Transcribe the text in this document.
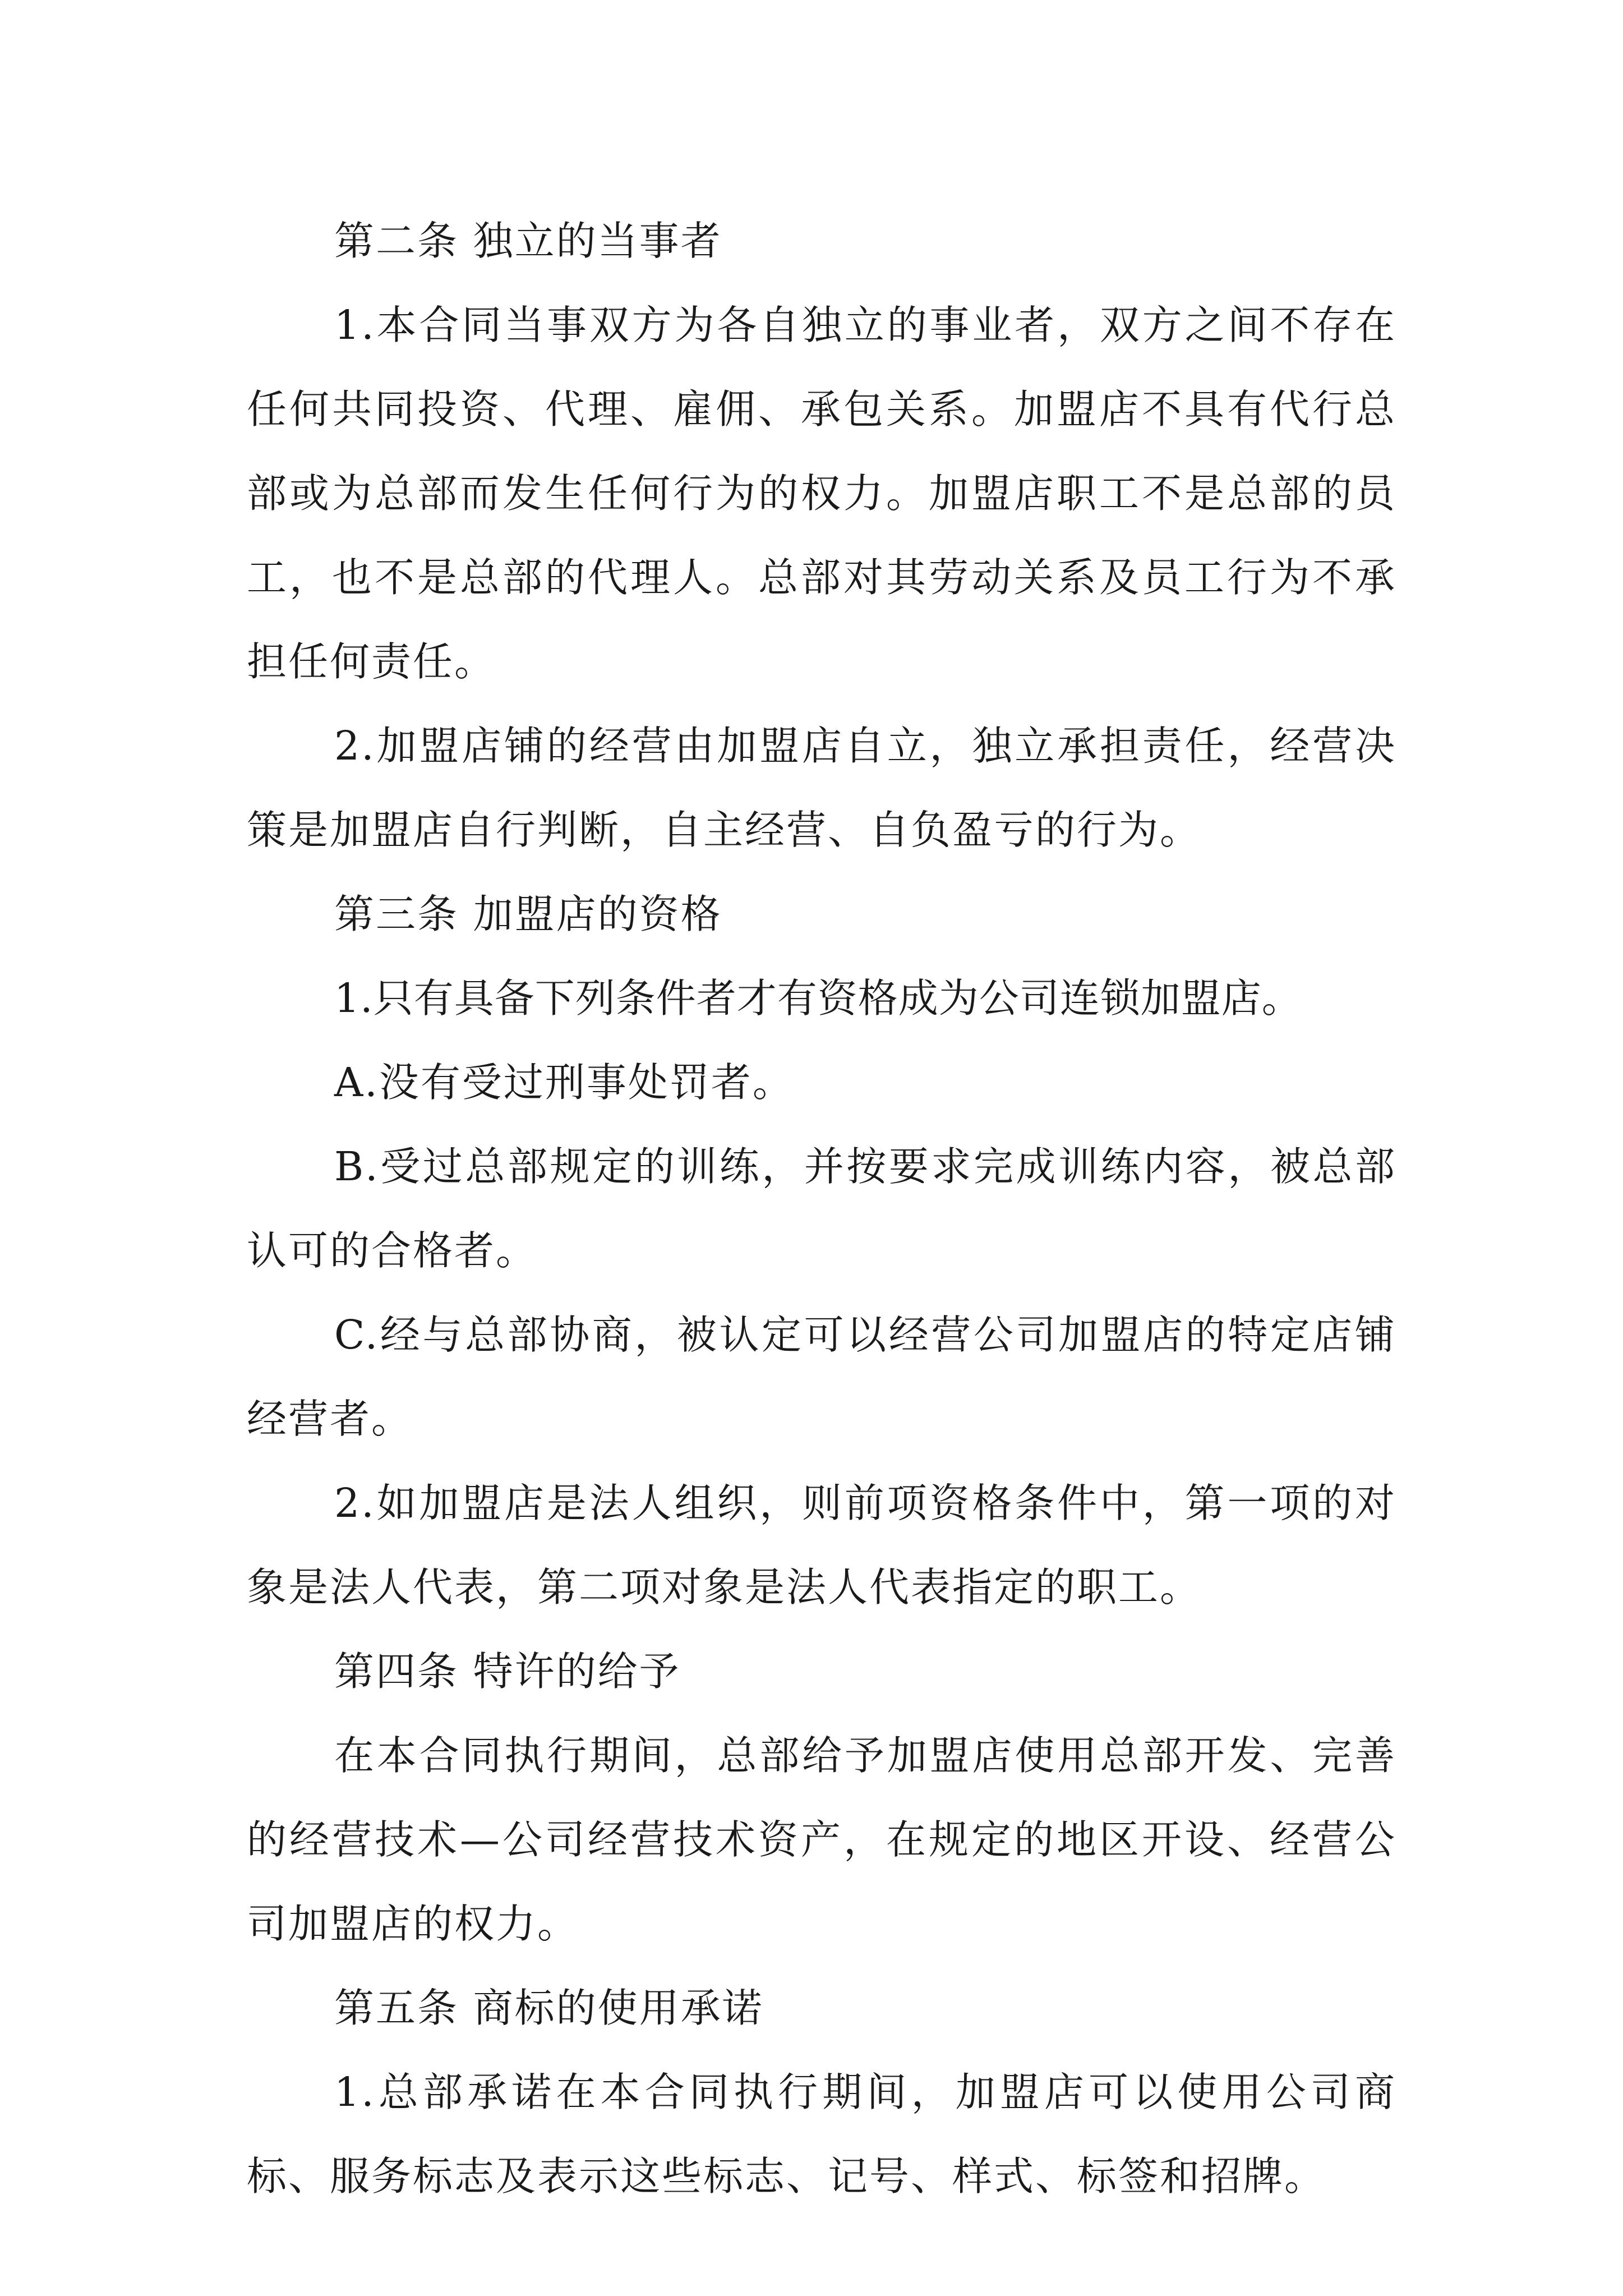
第二条 独立的当事者

1.本合同当事双方为各自独立的事业者，双方之间不存在任何共同投资、代理、雇佣、承包关系。加盟店不具有代行总部或为总部而发生任何行为的权力。加盟店职工不是总部的员工，也不是总部的代理人。总部对其劳动关系及员工行为不承担任何责任。

2.加盟店铺的经营由加盟店自立，独立承担责任，经营决策是加盟店自行判断，自主经营、自负盈亏的行为。

第三条 加盟店的资格

1.只有具备下列条件者才有资格成为公司连锁加盟店。

A.没有受过刑事处罚者。

B.受过总部规定的训练，并按要求完成训练内容，被总部认可的合格者。

C.经与总部协商，被认定可以经营公司加盟店的特定店铺经营者。

2.如加盟店是法人组织，则前项资格条件中，第一项的对象是法人代表，第二项对象是法人代表指定的职工。

第四条 特许的给予

在本合同执行期间，总部给予加盟店使用总部开发、完善的经营技术—公司经营技术资产，在规定的地区开设、经营公司加盟店的权力。

第五条 商标的使用承诺

1.总部承诺在本合同执行期间，加盟店可以使用公司商标、服务标志及表示这些标志、记号、样式、标签和招牌。
